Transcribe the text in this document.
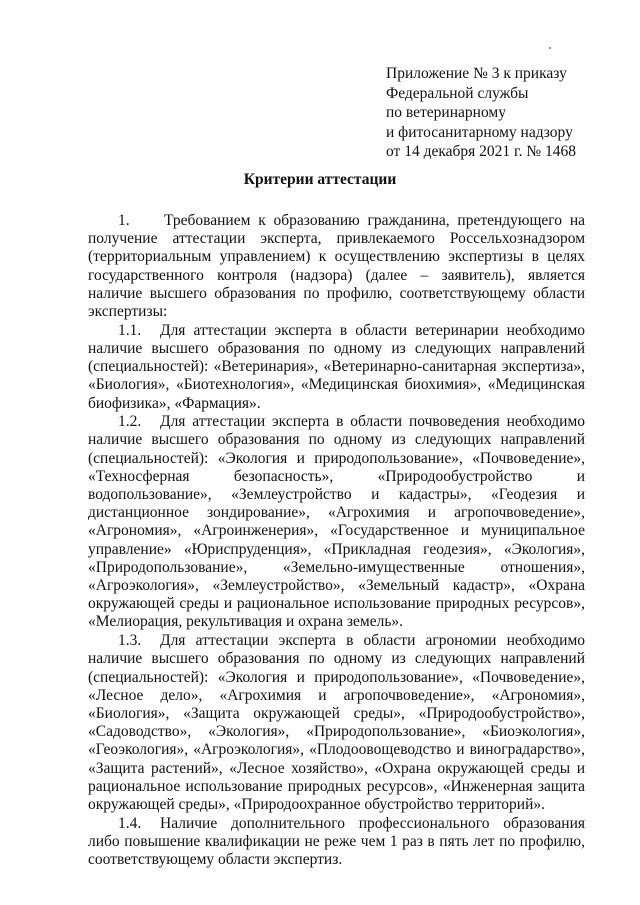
Приложение № 3 к приказу
Федеральной службы
по ветеринарному
и фитосанитарному надзору
от 14 декабря 2021 г. № 1468
Критерии аттестации

1. Требованием к образованию гражданина, претендующего на получение аттестации эксперта, привлекаемого Россельхознадзором (территориальным управлением) к осуществлению экспертизы в целях государственного контроля (надзора) (далее – заявитель), является наличие высшего образования по профилю, соответствующему области экспертизы:

1.1. Для аттестации эксперта в области ветеринарии необходимо наличие высшего образования по одному из следующих направлений (специальностей): «Ветеринария», «Ветеринарно-санитарная экспертиза», «Биология», «Биотехнология», «Медицинская биохимия», «Медицинская биофизика», «Фармация».

1.2. Для аттестации эксперта в области почвоведения необходимо наличие высшего образования по одному из следующих направлений (специальностей): «Экология и природопользование», «Почвоведение», «Техносферная безопасность», «Природообустройство и водопользование», «Землеустройство и кадастры», «Геодезия и дистанционное зондирование», «Агрохимия и агропочвоведение», «Агрономия», «Агроинженерия», «Государственное и муниципальное управление» «Юриспруденция», «Прикладная геодезия», «Экология», «Природопользование», «Земельно-имущественные отношения», «Агроэкология», «Землеустройство», «Земельный кадастр», «Охрана окружающей среды и рациональное использование природных ресурсов», «Мелиорация, рекультивация и охрана земель».

1.3. Для аттестации эксперта в области агрономии необходимо наличие высшего образования по одному из следующих направлений (специальностей): «Экология и природопользование», «Почвоведение», «Лесное дело», «Агрохимия и агропочвоведение», «Агрономия», «Биология», «Защита окружающей среды», «Природообустройство», «Садоводство», «Экология», «Природопользование», «Биоэкология», «Геоэкология», «Агроэкология», «Плодоовощеводство и виноградарство», «Защита растений», «Лесное хозяйство», «Охрана окружающей среды и рациональное использование природных ресурсов», «Инженерная защита окружающей среды», «Природоохранное обустройство территорий».

1.4. Наличие дополнительного профессионального образования либо повышение квалификации не реже чем 1 раз в пять лет по профилю, соответствующему области экспертиз.
